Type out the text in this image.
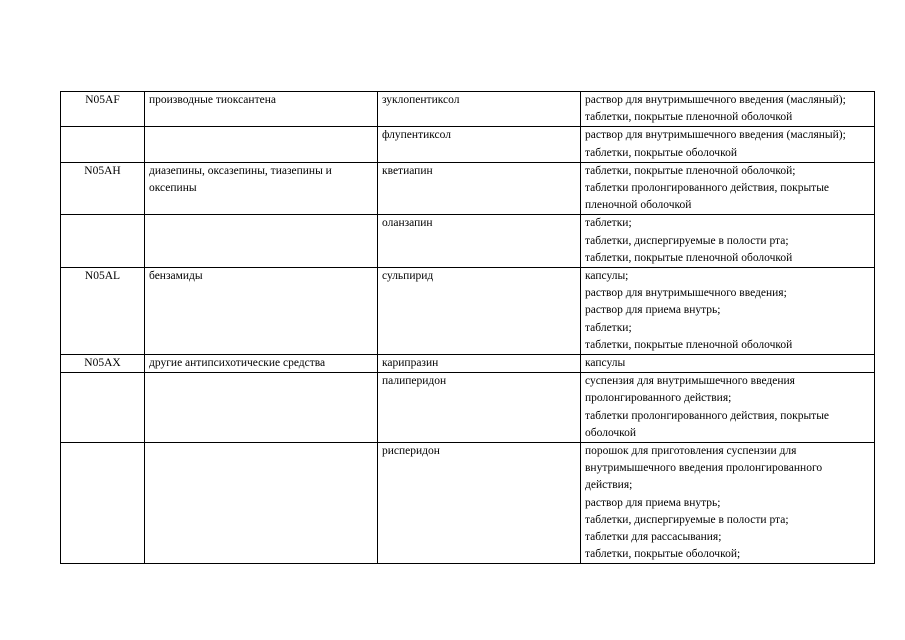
N05AF	производные тиоксантена	зуклопентиксол	раствор для внутримышечного введения (масляный);
таблетки, покрытые пленочной оболочкой

		флупентиксол	раствор для внутримышечного введения (масляный);
таблетки, покрытые оболочкой

N05AH	диазепины, оксазепины, тиазепины и оксепины	кветиапин	таблетки, покрытые пленочной оболочкой;
таблетки пролонгированного действия, покрытые пленочной оболочкой

		оланзапин	таблетки;
таблетки, диспергируемые в полости рта;
таблетки, покрытые пленочной оболочкой

N05AL	бензамиды	сульпирид	капсулы;
раствор для внутримышечного введения;
раствор для приема внутрь;
таблетки;
таблетки, покрытые пленочной оболочкой

N05AX	другие антипсихотические средства	карипразин	капсулы

		палиперидон	суспензия для внутримышечного введения пролонгированного действия;
таблетки пролонгированного действия, покрытые оболочкой

		рисперидон	порошок для приготовления суспензии для внутримышечного введения пролонгированного действия;
раствор для приема внутрь;
таблетки, диспергируемые в полости рта;
таблетки для рассасывания;
таблетки, покрытые оболочкой;
